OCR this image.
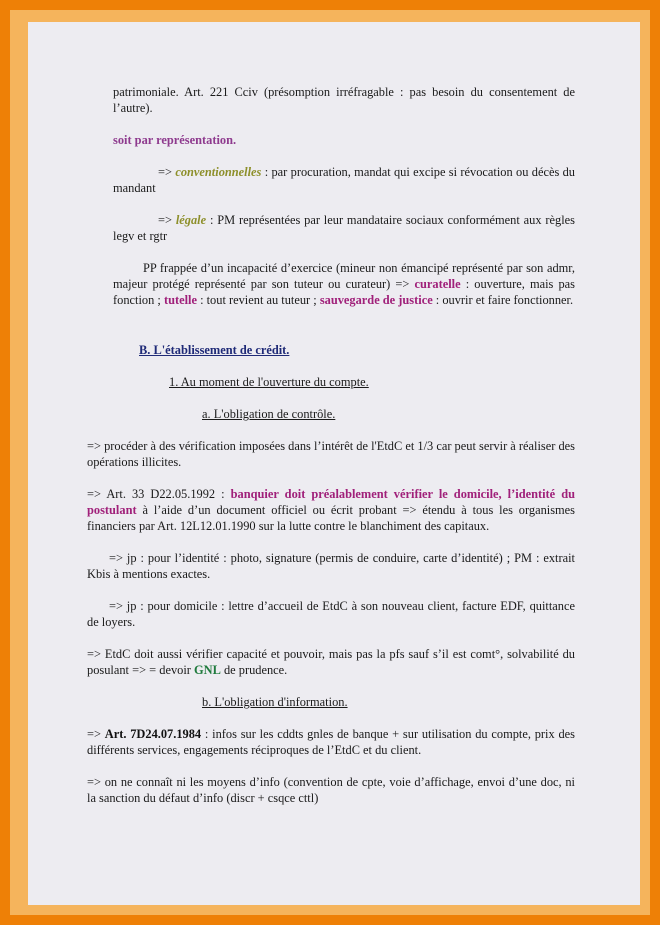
patrimoniale. Art. 221 Cciv (présomption irréfragable : pas besoin du consentement de l’autre).
soit par représentation.
=> conventionnelles : par procuration, mandat qui excipe si révocation ou décès du mandant
=> légale : PM représentées par leur mandataire sociaux conformément aux règles legv et rgtr
PP frappée d’un incapacité d’exercice (mineur non émancipé représenté par son admr, majeur protégé représenté par son tuteur ou curateur) => curatelle : ouverture, mais pas fonction ; tutelle : tout revient au tuteur ; sauvegarde de justice : ouvrir et faire fonctionner.
B. L'établissement de crédit.
1. Au moment de l'ouverture du compte.
a. L'obligation de contrôle.
=> procéder à des vérification imposées dans l’intérêt de l'EtdC et 1/3 car peut servir à réaliser des opérations illicites.
=> Art. 33 D22.05.1992 : banquier doit préalablement vérifier le domicile, l’identité du postulant à l’aide d’un document officiel ou écrit probant => étendu à tous les organismes financiers par Art. 12L12.01.1990 sur la lutte contre le blanchiment des capitaux.
=> jp : pour l’identité : photo, signature (permis de conduire, carte d’identité) ; PM : extrait Kbis à mentions exactes.
=> jp : pour domicile : lettre d’accueil de EtdC à son nouveau client, facture EDF, quittance de loyers.
=> EtdC doit aussi vérifier capacité et pouvoir, mais pas la pfs sauf s’il est comt°, solvabilité du posulant => = devoir GNL de prudence.
b. L'obligation d'information.
=> Art. 7D24.07.1984 : infos sur les cddts gnles de banque + sur utilisation du compte, prix des différents services, engagements réciproques de l’EtdC et du client.
=> on ne connaît ni les moyens d’info (convention de cpte, voie d’affichage, envoi d’une doc, ni la sanction du défaut d’info (discr + csqce cttl)
